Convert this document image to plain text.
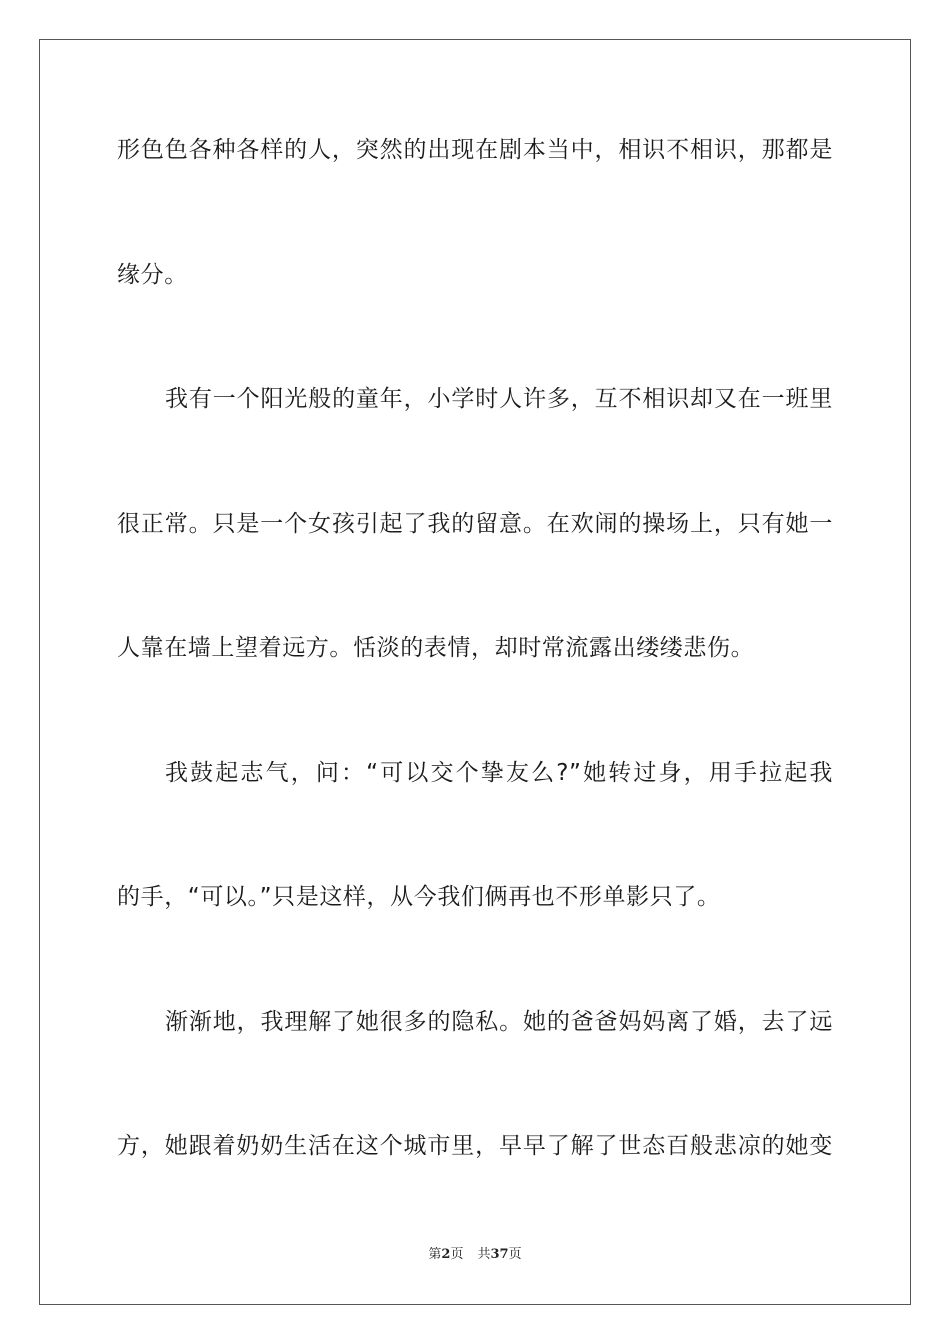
形色色各种各样的人，突然的出现在剧本当中，相识不相识，那都是
缘分。
我有一个阳光般的童年，小学时人许多，互不相识却又在一班里
很正常。只是一个女孩引起了我的留意。在欢闹的操场上，只有她一
人靠在墙上望着远方。恬淡的表情，却时常流露出缕缕悲伤。
我鼓起志气，问：“可以交个挚友么?”她转过身，用手拉起我
的手，“可以。”只是这样，从今我们俩再也不形单影只了。
渐渐地，我理解了她很多的隐私。她的爸爸妈妈离了婚，去了远
方，她跟着奶奶生活在这个城市里，早早了解了世态百般悲凉的她变
第2页 共37页
